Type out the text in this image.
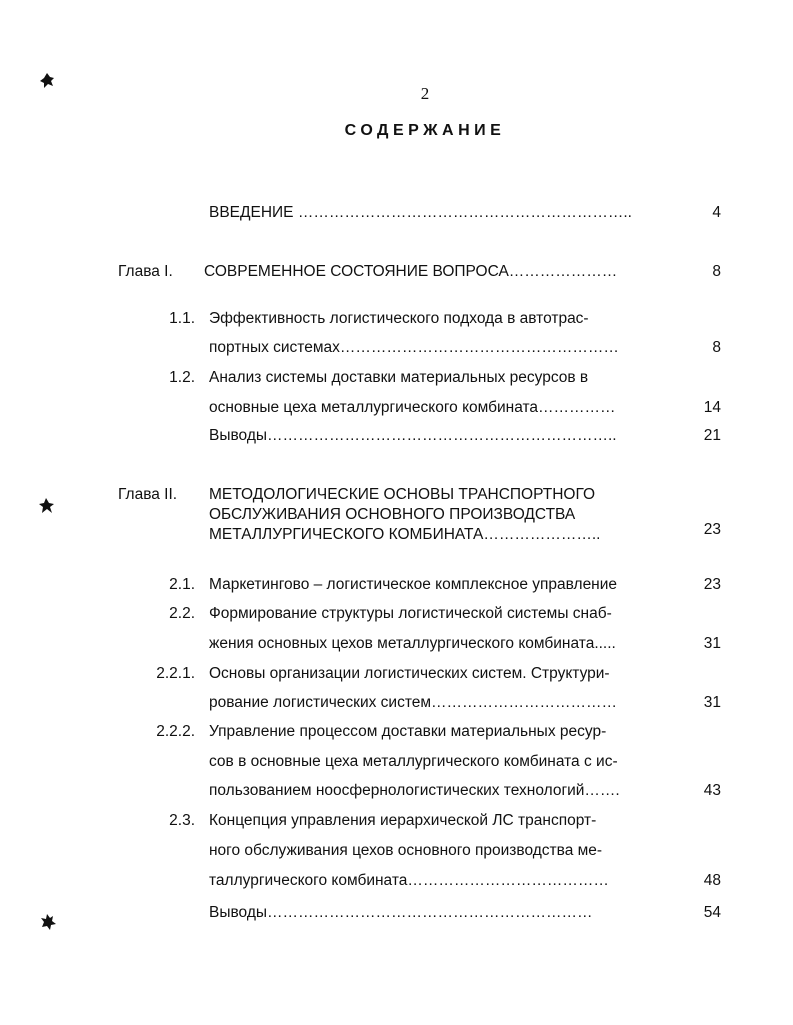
2
СОДЕРЖАНИЕ
ВВЕДЕНИЕ ………………………………………………………..	4
Глава I. СОВРЕМЕННОЕ СОСТОЯНИЕ ВОПРОСА…………………	8
1.1. Эффективность логистического подхода в автотрас-
портных системах………………………………………………	8
1.2. Анализ системы доставки материальных ресурсов в
основные цеха металлургического комбината……………	14
Выводы…………………………………………………………..	21
Глава II. МЕТОДОЛОГИЧЕСКИЕ ОСНОВЫ ТРАНСПОРТНОГО
ОБСЛУЖИВАНИЯ ОСНОВНОГО ПРОИЗВОДСТВА
МЕТАЛЛУРГИЧЕСКОГО КОМБИНАТА…………………..	23
2.1. Маркетингово – логистическое комплексное управление	23
2.2. Формирование структуры логистической системы снаб-
жения основных цехов металлургического комбината.....	31
2.2.1. Основы организации логистических систем. Структури-
рование логистических систем………………………………	31
2.2.2. Управление процессом доставки материальных ресур-
сов в основные цеха металлургического комбината с ис-
пользованием ноосфернологистических технологий…….	43
2.3. Концепция управления иерархической ЛС транспорт-
ного обслуживания цехов основного производства ме-
таллургического комбината…………………………………	48
Выводы………………………………………………………	54
